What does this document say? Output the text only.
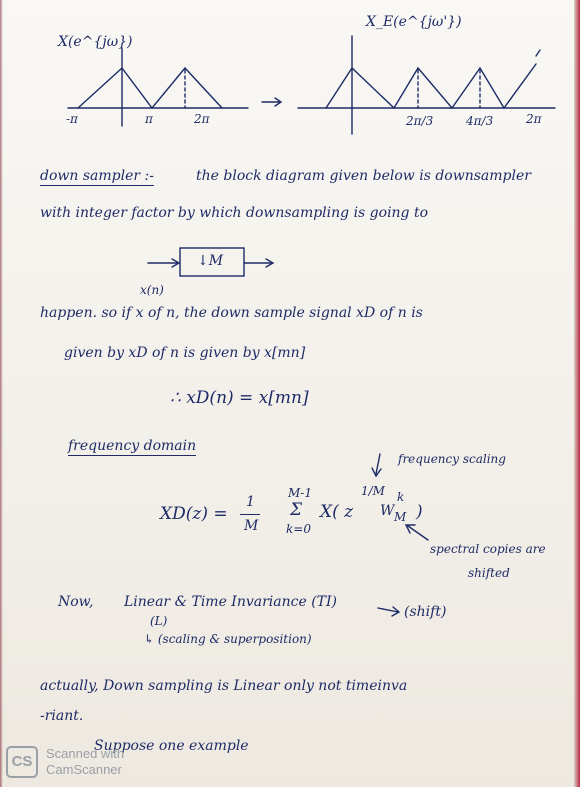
X(e^{jω})
-π	π	2π
X_E(e^{jω'})
2π/3	4π/3	2π
down sampler :-	the block diagram given below is downsampler
with integer factor by which downsampling is going to
↓M
x(n)
happen. so if x of n, the down sample signal xD of n is
given by xD of n is given by x[mn]
∴ xD(n) = x[mn]
frequency domain
frequency scaling
XD(z) =
1
M
M-1
Σ
k=0
X( z
1/M
W M
k
)
spectral copies are
shifted
Now, Linear & Time Invariance (TI)
(L)
(shift)
↳ (scaling & superposition)
actually, Down sampling is Linear only not timeinva
-riant.
Suppose one example
CS	Scanned with
CamScanner
